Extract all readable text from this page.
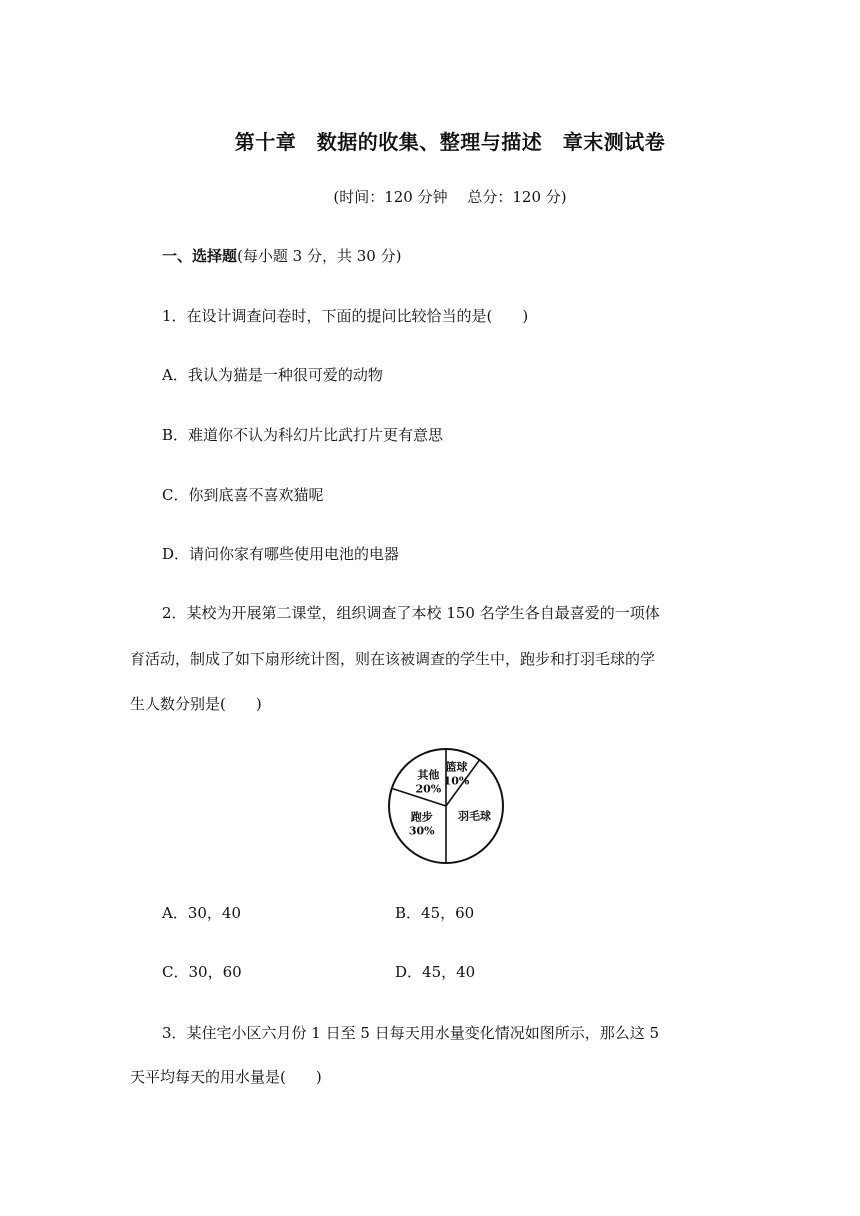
第十章　数据的收集、整理与描述　章末测试卷
(时间：120 分钟　 总分：120 分)
一、选择题(每小题 3 分，共 30 分)
1．在设计调查问卷时，下面的提问比较恰当的是(　　)
A．我认为猫是一种很可爱的动物
B．难道你不认为科幻片比武打片更有意思
C．你到底喜不喜欢猫呢
D．请问你家有哪些使用电池的电器
2．某校为开展第二课堂，组织调查了本校 150 名学生各自最喜爱的一项体
育活动，制成了如下扇形统计图，则在该被调查的学生中，跑步和打羽毛球的学
生人数分别是(　　)
篮球
10%
羽毛球
跑步
30%
其他
20%
A．30，40	B．45，60
C．30，60	D．45，40
3．某住宅小区六月份 1 日至 5 日每天用水量变化情况如图所示，那么这 5
天平均每天的用水量是(　　)
